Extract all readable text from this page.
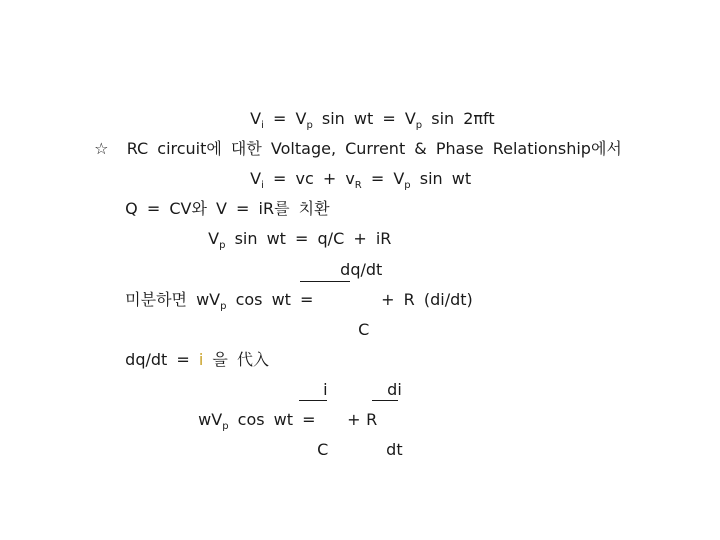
$V_i = V_p$ sin wt = $V_p$ sin 2πft

☆ RC circuit에 대한 Voltage, Current & Phase Relationship에서

$V_i$ = vc + $v_R = V_p$ sin wt

Q = CV와 V = iR를 치환

$V_p$ sin wt = q/C + iR

dq/dt

미분하면 $wV_p$ cos wt =	+ R (di/dt)

C

dq/dt = i 을 代入

i	di

$wV_p$ cos wt =	+ R

C	dt
